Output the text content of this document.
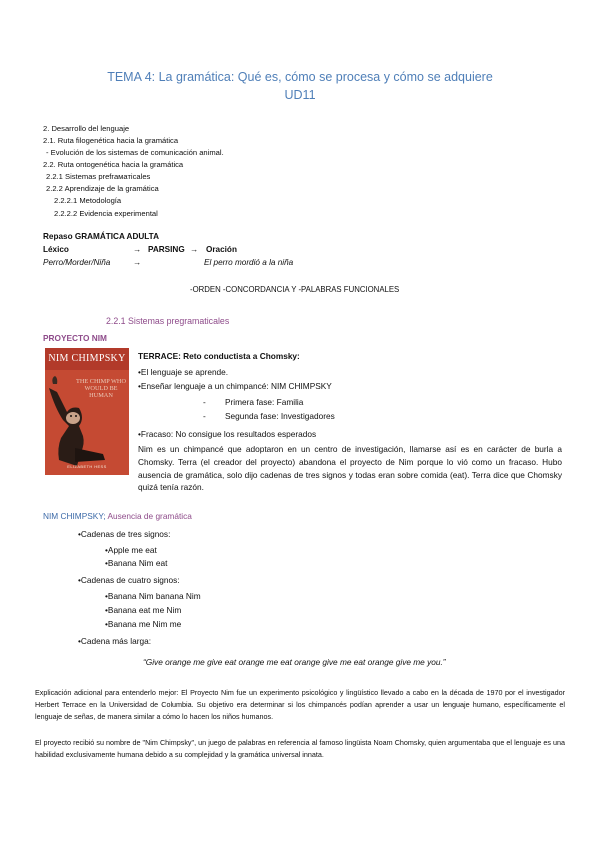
TEMA 4: La gramática: Qué es, cómo se procesa y cómo se adquiere
UD11
2. Desarrollo del lenguaje
2.1. Ruta filogenética hacia la gramática
- Evolución de los sistemas de comunicación animal.
2.2. Ruta ontogenética hacia la gramática
2.2.1 Sistemas prefraматicales
2.2.2 Aprendizaje de la gramática
2.2.2.1 Metodología
2.2.2.2 Evidencia experimental
Repaso GRAMÁTICA ADULTA
Léxico	→ PARSING → Oración
Perro/Morder/Niña	→	El perro mordió a la niña
-ORDEN -CONCORDANCIA Y -PALABRAS FUNCIONALES
2.2.1 Sistemas pregramaticales
PROYECTO NIM
NIM CHIMPSKY
THE CHIMP WHO WOULD BE HUMAN
ELIZABETH HESS
TERRACE: Reto conductista a Chomsky:
•El lenguaje se aprende.
•Enseñar lenguaje a un chimpancé: NIM CHIMPSKY
- Primera fase: Familia
- Segunda fase: Investigadores
•Fracaso: No consigue los resultados esperados
Nim es un chimpancé que adoptaron en un centro de investigación, llamarse así es en carácter de burla a Chomsky. Terra (el creador del proyecto) abandona el proyecto de Nim porque lo vió como un fracaso. Hubo ausencia de gramática, solo dijo cadenas de tres signos y todas eran sobre comida (eat). Terra dice que Chomsky quizá tenía razón.
NIM CHIMPSKY; Ausencia de gramática
•Cadenas de tres signos:
•Apple me eat
•Banana Nim eat
•Cadenas de cuatro signos:
•Banana Nim banana Nim
•Banana eat me Nim
•Banana me Nim me
•Cadena más larga:
“Give orange me give eat orange me eat orange give me eat orange give me you.”
Explicación adicional para entenderlo mejor: El Proyecto Nim fue un experimento psicológico y lingüístico llevado a cabo en la década de 1970 por el investigador Herbert Terrace en la Universidad de Columbia. Su objetivo era determinar si los chimpancés podían aprender a usar un lenguaje humano, específicamente el lenguaje de señas, de manera similar a cómo lo hacen los niños humanos.
El proyecto recibió su nombre de "Nim Chimpsky", un juego de palabras en referencia al famoso lingüista Noam Chomsky, quien argumentaba que el lenguaje es una habilidad exclusivamente humana debido a su complejidad y la gramática universal innata.
